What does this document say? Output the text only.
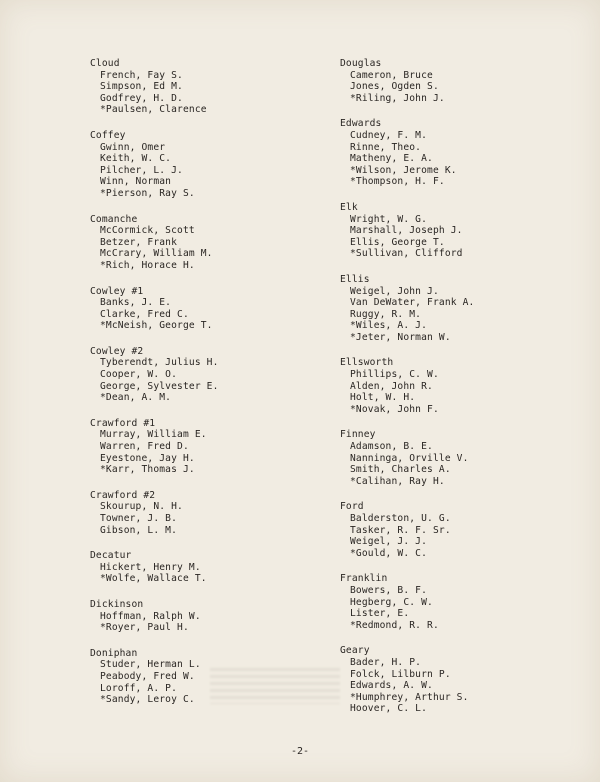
Cloud
French, Fay S.
Simpson, Ed M.
Godfrey, H. D.
*Paulsen, Clarence
Coffey
Gwinn, Omer
Keith, W. C.
Pilcher, L. J.
Winn, Norman
*Pierson, Ray S.
Comanche
McCormick, Scott
Betzer, Frank
McCrary, William M.
*Rich, Horace H.
Cowley #1
Banks, J. E.
Clarke, Fred C.
*McNeish, George T.
Cowley #2
Tyberendt, Julius H.
Cooper, W. O.
George, Sylvester E.
*Dean, A. M.
Crawford #1
Murray, William E.
Warren, Fred D.
Eyestone, Jay H.
*Karr, Thomas J.
Crawford #2
Skourup, N. H.
Towner, J. B.
Gibson, L. M.
Decatur
Hickert, Henry M.
*Wolfe, Wallace T.
Dickinson
Hoffman, Ralph W.
*Royer, Paul H.
Doniphan
Studer, Herman L.
Peabody, Fred W.
Loroff, A. P.
*Sandy, Leroy C.
Douglas
Cameron, Bruce
Jones, Ogden S.
*Riling, John J.
Edwards
Cudney, F. M.
Rinne, Theo.
Matheny, E. A.
*Wilson, Jerome K.
*Thompson, H. F.
Elk
Wright, W. G.
Marshall, Joseph J.
Ellis, George T.
*Sullivan, Clifford
Ellis
Weigel, John J.
Van DeWater, Frank A.
Ruggy, R. M.
*Wiles, A. J.
*Jeter, Norman W.
Ellsworth
Phillips, C. W.
Alden, John R.
Holt, W. H.
*Novak, John F.
Finney
Adamson, B. E.
Nanninga, Orville V.
Smith, Charles A.
*Calihan, Ray H.
Ford
Balderston, U. G.
Tasker, R. F. Sr.
Weigel, J. J.
*Gould, W. C.
Franklin
Bowers, B. F.
Hegberg, C. W.
Lister, E.
*Redmond, R. R.
Geary
Bader, H. P.
Folck, Lilburn P.
Edwards, A. W.
*Humphrey, Arthur S.
Hoover, C. L.
-2-
